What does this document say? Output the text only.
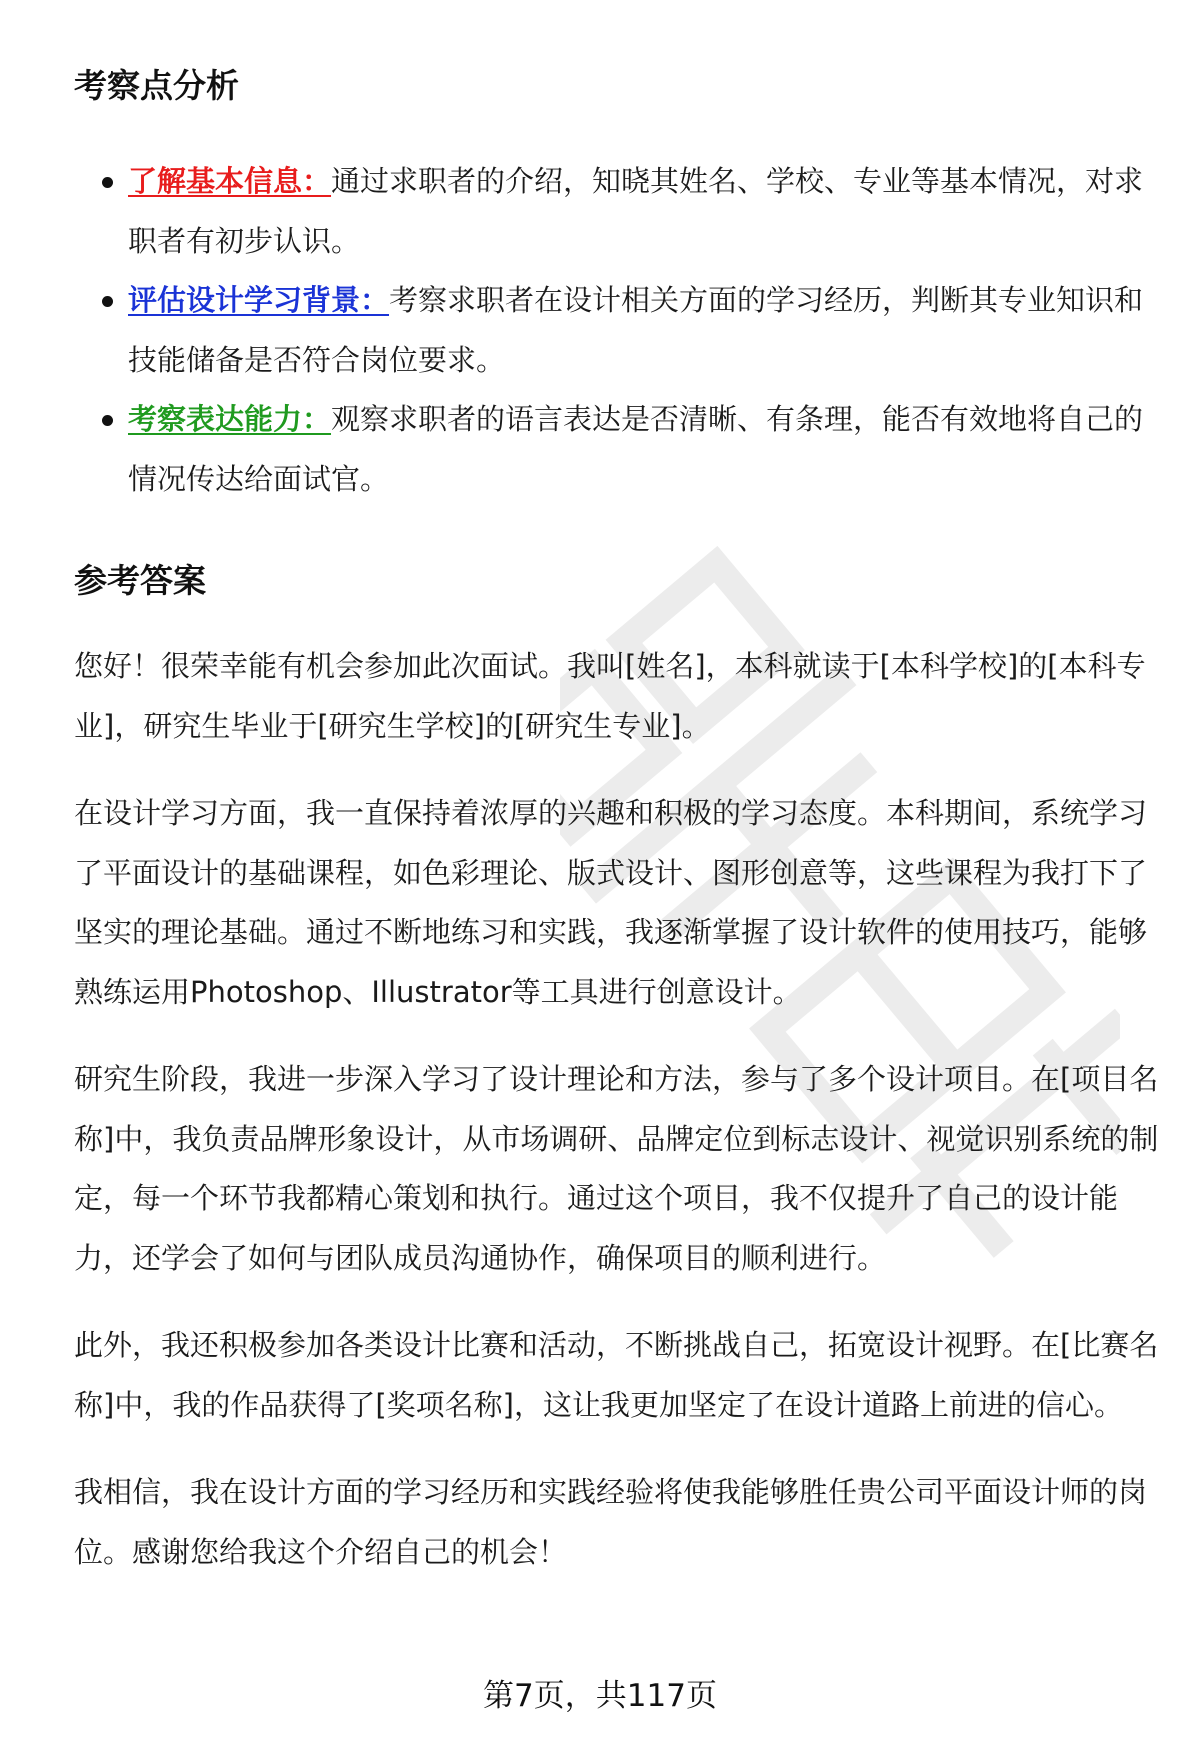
考察点分析
了解基本信息：通过求职者的介绍，知晓其姓名、学校、专业等基本情况，对求职者有初步认识。
评估设计学习背景：考察求职者在设计相关方面的学习经历，判断其专业知识和技能储备是否符合岗位要求。
考察表达能力：观察求职者的语言表达是否清晰、有条理，能否有效地将自己的情况传达给面试官。
参考答案

您好！很荣幸能有机会参加此次面试。我叫[姓名]，本科就读于[本科学校]的[本科专业]，研究生毕业于[研究生学校]的[研究生专业]。

在设计学习方面，我一直保持着浓厚的兴趣和积极的学习态度。本科期间，系统学习了平面设计的基础课程，如色彩理论、版式设计、图形创意等，这些课程为我打下了坚实的理论基础。通过不断地练习和实践，我逐渐掌握了设计软件的使用技巧，能够熟练运用Photoshop、Illustrator等工具进行创意设计。

研究生阶段，我进一步深入学习了设计理论和方法，参与了多个设计项目。在[项目名称]中，我负责品牌形象设计，从市场调研、品牌定位到标志设计、视觉识别系统的制定，每一个环节我都精心策划和执行。通过这个项目，我不仅提升了自己的设计能力，还学会了如何与团队成员沟通协作，确保项目的顺利进行。

此外，我还积极参加各类设计比赛和活动，不断挑战自己，拓宽设计视野。在[比赛名称]中，我的作品获得了[奖项名称]，这让我更加坚定了在设计道路上前进的信心。

我相信，我在设计方面的学习经历和实践经验将使我能够胜任贵公司平面设计师的岗位。感谢您给我这个介绍自己的机会！

第7页，共117页
